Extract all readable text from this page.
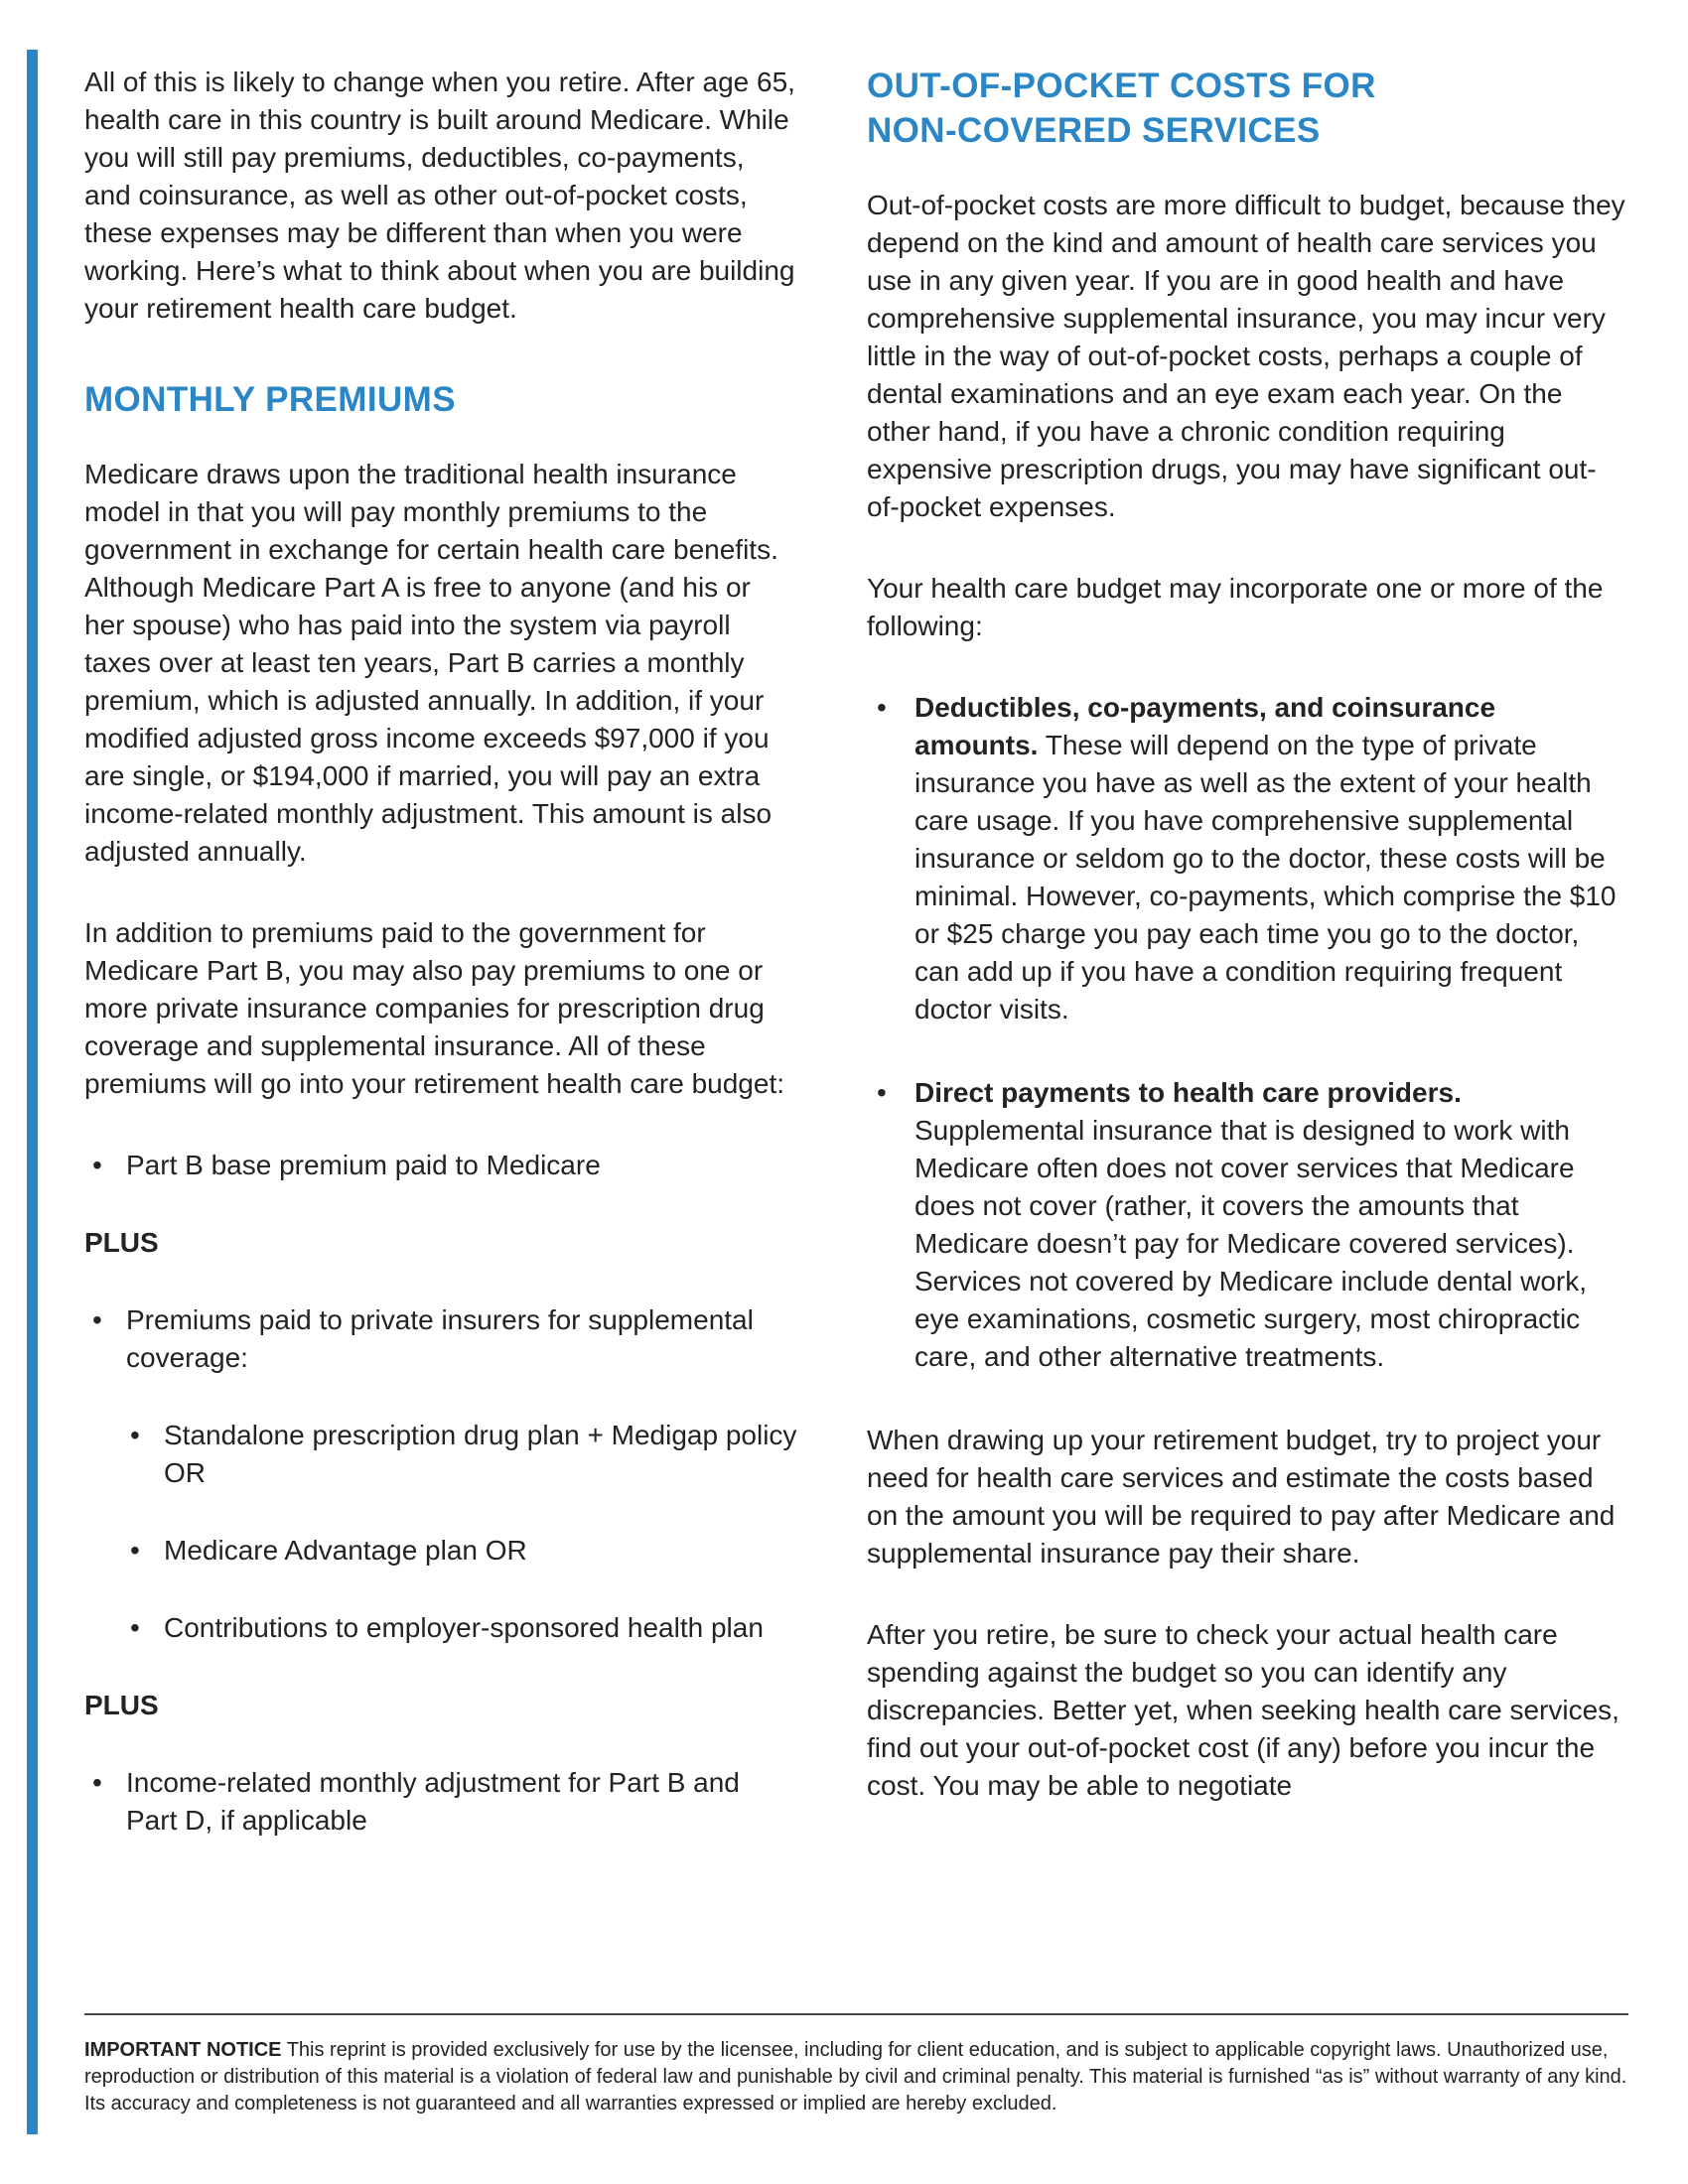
All of this is likely to change when you retire. After age 65, health care in this country is built around Medicare. While you will still pay premiums, deductibles, co-payments, and coinsurance, as well as other out-of-pocket costs, these expenses may be different than when you were working. Here’s what to think about when you are building your retirement health care budget.

MONTHLY PREMIUMS

Medicare draws upon the traditional health insurance model in that you will pay monthly premiums to the government in exchange for certain health care benefits. Although Medicare Part A is free to anyone (and his or her spouse) who has paid into the system via payroll taxes over at least ten years, Part B carries a monthly premium, which is adjusted annually. In addition, if your modified adjusted gross income exceeds $97,000 if you are single, or $194,000 if married, you will pay an extra income-related monthly adjustment. This amount is also adjusted annually.

In addition to premiums paid to the government for Medicare Part B, you may also pay premiums to one or more private insurance companies for prescription drug coverage and supplemental insurance. All of these premiums will go into your retirement health care budget:

• Part B base premium paid to Medicare
PLUS
• Premiums paid to private insurers for supplemental coverage:
• Standalone prescription drug plan + Medigap policy OR
• Medicare Advantage plan OR
• Contributions to employer-sponsored health plan
PLUS
• Income-related monthly adjustment for Part B and Part D, if applicable
OUT-OF-POCKET COSTS FOR
NON-COVERED SERVICES

Out-of-pocket costs are more difficult to budget, because they depend on the kind and amount of health care services you use in any given year. If you are in good health and have comprehensive supplemental insurance, you may incur very little in the way of out-of-pocket costs, perhaps a couple of dental examinations and an eye exam each year. On the other hand, if you have a chronic condition requiring expensive prescription drugs, you may have significant out-of-pocket expenses.

Your health care budget may incorporate one or more of the following:

•	Deductibles, co-payments, and coinsurance amounts. These will depend on the type of private insurance you have as well as the extent of your health care usage. If you have comprehensive supplemental insurance or seldom go to the doctor, these costs will be minimal. However, co-payments, which comprise the $10 or $25 charge you pay each time you go to the doctor, can add up if you have a condition requiring frequent doctor visits.
•	Direct payments to health care providers. Supplemental insurance that is designed to work with Medicare often does not cover services that Medicare does not cover (rather, it covers the amounts that Medicare doesn’t pay for Medicare covered services). Services not covered by Medicare include dental work, eye examinations, cosmetic surgery, most chiropractic care, and other alternative treatments.

When drawing up your retirement budget, try to project your need for health care services and estimate the costs based on the amount you will be required to pay after Medicare and supplemental insurance pay their share.

After you retire, be sure to check your actual health care spending against the budget so you can identify any discrepancies. Better yet, when seeking health care services, find out your out-of-pocket cost (if any) before you incur the cost. You may be able to negotiate

IMPORTANT NOTICE This reprint is provided exclusively for use by the licensee, including for client education, and is subject to applicable copyright laws. Unauthorized use, reproduction or distribution of this material is a violation of federal law and punishable by civil and criminal penalty. This material is furnished “as is” without warranty of any kind. Its accuracy and completeness is not guaranteed and all warranties expressed or implied are hereby excluded.
